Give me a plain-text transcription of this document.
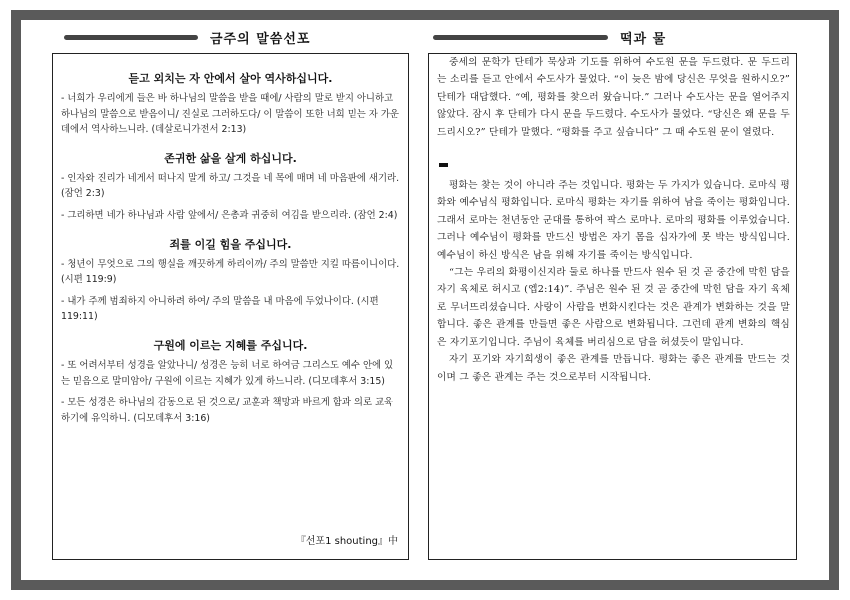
금주의 말씀선포	떡과 물
듣고 외치는 자 안에서 살아 역사하십니다.

- 너희가 우리에게 들은 바 하나님의 말씀을 받을 때에/ 사람의 말로 받지 아니하고 하나님의 말씀으로 받음이니/ 진실로 그러하도다/ 이 말씀이 또한 너희 믿는 자 가운데에서 역사하느니라. (데살로니가전서 2:13)

존귀한 삶을 살게 하십니다.

- 인자와 진리가 네게서 떠나지 말게 하고/ 그것을 네 목에 매며 네 마음판에 새기라. (잠언 2:3)

- 그리하면 네가 하나님과 사람 앞에서/ 은총과 귀중히 여김을 받으리라. (잠언 2:4)

죄를 이길 힘을 주십니다.

- 청년이 무엇으로 그의 행실을 깨끗하게 하리이까/ 주의 말씀만 지킬 따름이니이다. (시편 119:9)

- 내가 주께 범죄하지 아니하려 하여/ 주의 말씀을 내 마음에 두었나이다. (시편 119:11)

구원에 이르는 지혜를 주십니다.

- 또 어려서부터 성경을 알았나니/ 성경은 능히 너로 하여금 그리스도 예수 안에 있는 믿음으로 말미암아/ 구원에 이르는 지혜가 있게 하느니라. (디모데후서 3:15)

- 모든 성경은 하나님의 감동으로 된 것으로/ 교훈과 책망과 바르게 함과 의로 교육하기에 유익하니. (디모데후서 3:16)

『선포1 shouting』中

중세의 문학가 단테가 묵상과 기도를 위하여 수도원 문을 두드렸다. 문 두드리는 소리를 듣고 안에서 수도사가 물었다. “이 늦은 밤에 당신은 무엇을 원하시오?” 단테가 대답했다. “예, 평화를 찾으러 왔습니다.” 그러나 수도사는 문을 열어주지 않았다. 잠시 후 단테가 다시 문을 두드렸다. 수도사가 물었다. “당신은 왜 문을 두드리시오?” 단테가 말했다. “평화를 주고 싶습니다” 그 때 수도원 문이 열렸다.

평화는 찾는 것이 아니라 주는 것입니다. 평화는 두 가지가 있습니다. 로마식 평화와 예수님식 평화입니다. 로마식 평화는 자기를 위하여 남을 죽이는 평화입니다. 그래서 로마는 천년동안 군대를 통하여 팍스 로마나. 로마의 평화를 이루었습니다. 그러나 예수님이 평화를 만드신 방법은 자기 몸을 십자가에 못 박는 방식입니다. 예수님이 하신 방식은 남을 위해 자기를 죽이는 방식입니다.

“그는 우리의 화평이신지라 둘로 하나를 만드사 원수 된 것 곧 중간에 막힌 담을 자기 육체로 허시고 (엡2:14)”. 주님은 원수 된 것 곧 중간에 막힌 담을 자기 육체로 무너뜨리셨습니다. 사랑이 사람을 변화시킨다는 것은 관계가 변화하는 것을 말합니다. 좋은 관계를 만들면 좋은 사람으로 변화됩니다. 그런데 관계 변화의 핵심은 자기포기입니다. 주님이 육체를 버리심으로 담을 허셨듯이 말입니다.

자기 포기와 자기희생이 좋은 관계를 만듭니다. 평화는 좋은 관계를 만드는 것이며 그 좋은 관계는 주는 것으로부터 시작됩니다.
